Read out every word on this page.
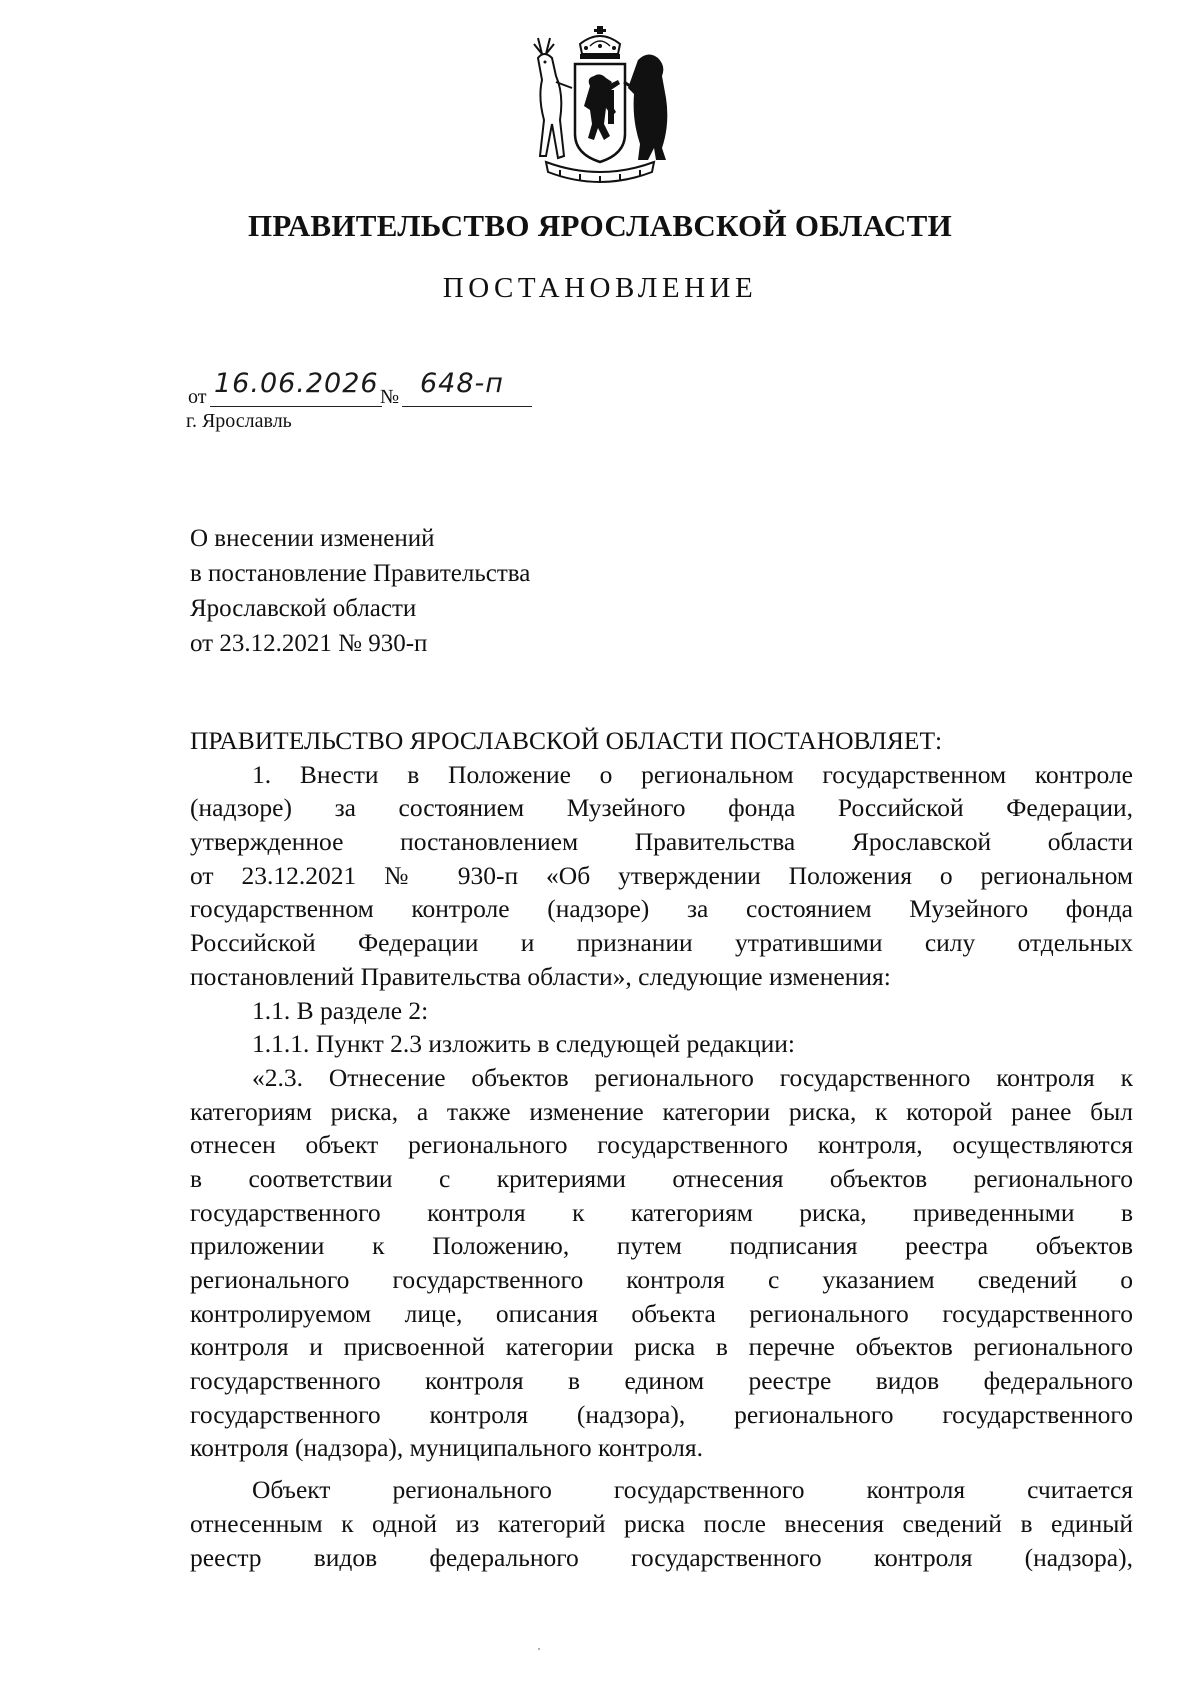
ПРАВИТЕЛЬСТВО ЯРОСЛАВСКОЙ ОБЛАСТИ
ПОСТАНОВЛЕНИЕ
от 16.06.2026 № 648-п
г. Ярославль
О внесении изменений
в постановление Правительства
Ярославской области
от 23.12.2021 № 930-п
ПРАВИТЕЛЬСТВО ЯРОСЛАВСКОЙ ОБЛАСТИ ПОСТАНОВЛЯЕТ:
1. Внести в Положение о региональном государственном контроле
(надзоре) за состоянием Музейного фонда Российской Федерации,
утвержденное постановлением Правительства Ярославской области
от 23.12.2021 № 930-п «Об утверждении Положения о региональном
государственном контроле (надзоре) за состоянием Музейного фонда
Российской Федерации и признании утратившими силу отдельных
постановлений Правительства области», следующие изменения:
1.1. В разделе 2:
1.1.1. Пункт 2.3 изложить в следующей редакции:
«2.3. Отнесение объектов регионального государственного контроля к
категориям риска, а также изменение категории риска, к которой ранее был
отнесен объект регионального государственного контроля, осуществляются
в соответствии с критериями отнесения объектов регионального
государственного контроля к категориям риска, приведенными в
приложении к Положению, путем подписания реестра объектов
регионального государственного контроля с указанием сведений о
контролируемом лице, описания объекта регионального государственного
контроля и присвоенной категории риска в перечне объектов регионального
государственного контроля в едином реестре видов федерального
государственного контроля (надзора), регионального государственного
контроля (надзора), муниципального контроля.
Объект регионального государственного контроля считается
отнесенным к одной из категорий риска после внесения сведений в единый
реестр видов федерального государственного контроля (надзора),
